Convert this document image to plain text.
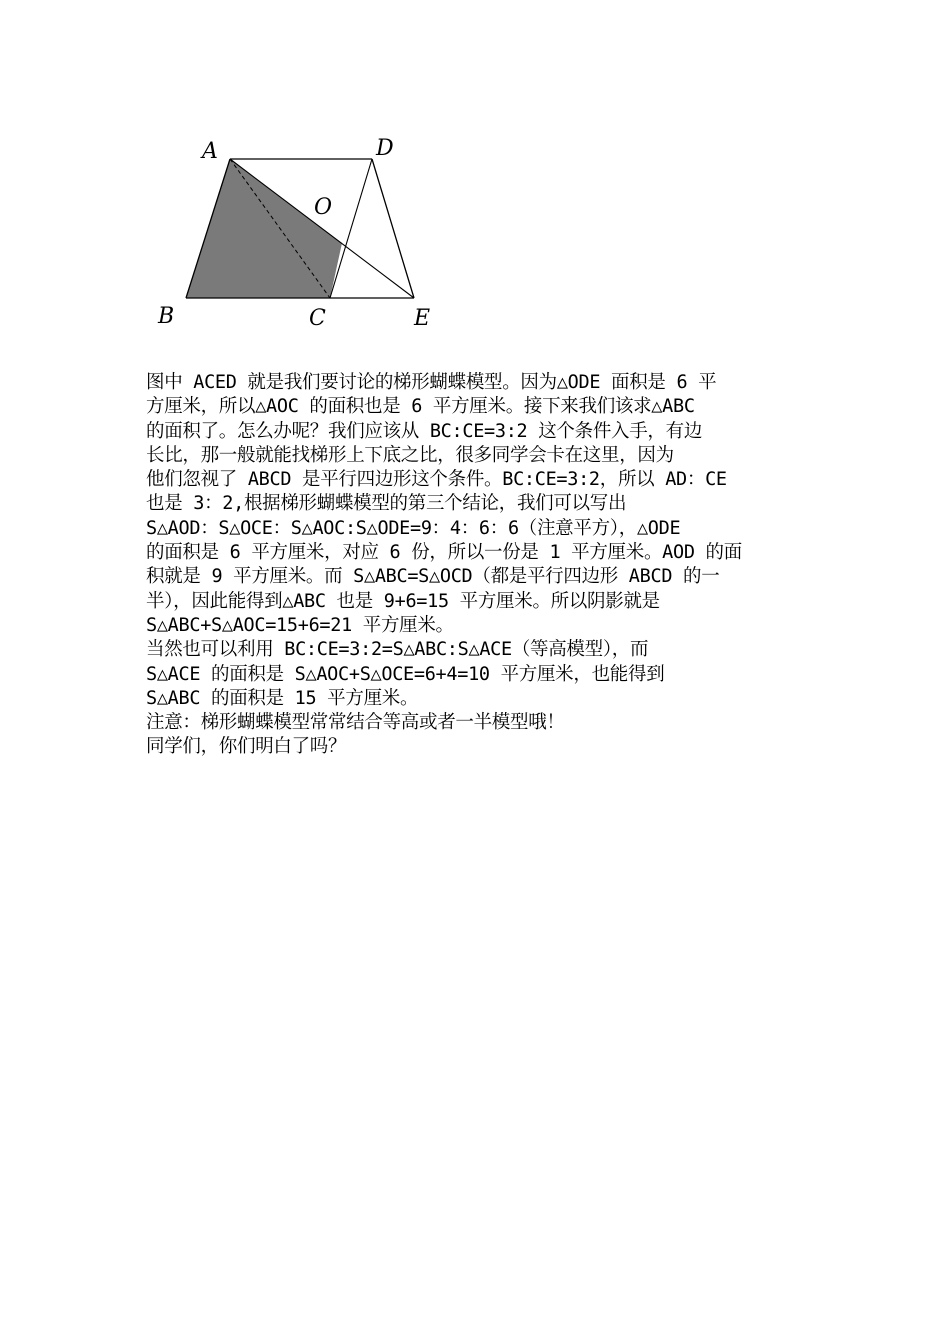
A	D
O
B	C	E
图中 ACED 就是我们要讨论的梯形蝴蝶模型。因为△ODE 面积是 6 平
方厘米，所以△AOC 的面积也是 6 平方厘米。接下来我们该求△ABC
的面积了。怎么办呢？我们应该从 BC:CE=3:2 这个条件入手，有边
长比，那一般就能找梯形上下底之比，很多同学会卡在这里，因为
他们忽视了 ABCD 是平行四边形这个条件。BC:CE=3:2，所以 AD：CE
也是 3：2,根据梯形蝴蝶模型的第三个结论，我们可以写出
S△AOD：S△OCE：S△AOC:S△ODE=9：4：6：6（注意平方），△ODE
的面积是 6 平方厘米，对应 6 份，所以一份是 1 平方厘米。AOD 的面
积就是 9 平方厘米。而 S△ABC=S△OCD（都是平行四边形 ABCD 的一
半），因此能得到△ABC 也是 9+6=15 平方厘米。所以阴影就是
S△ABC+S△AOC=15+6=21 平方厘米。
当然也可以利用 BC:CE=3:2=S△ABC:S△ACE（等高模型），而
S△ACE 的面积是 S△AOC+S△OCE=6+4=10 平方厘米，也能得到
S△ABC 的面积是 15 平方厘米。
注意：梯形蝴蝶模型常常结合等高或者一半模型哦！
同学们，你们明白了吗？
